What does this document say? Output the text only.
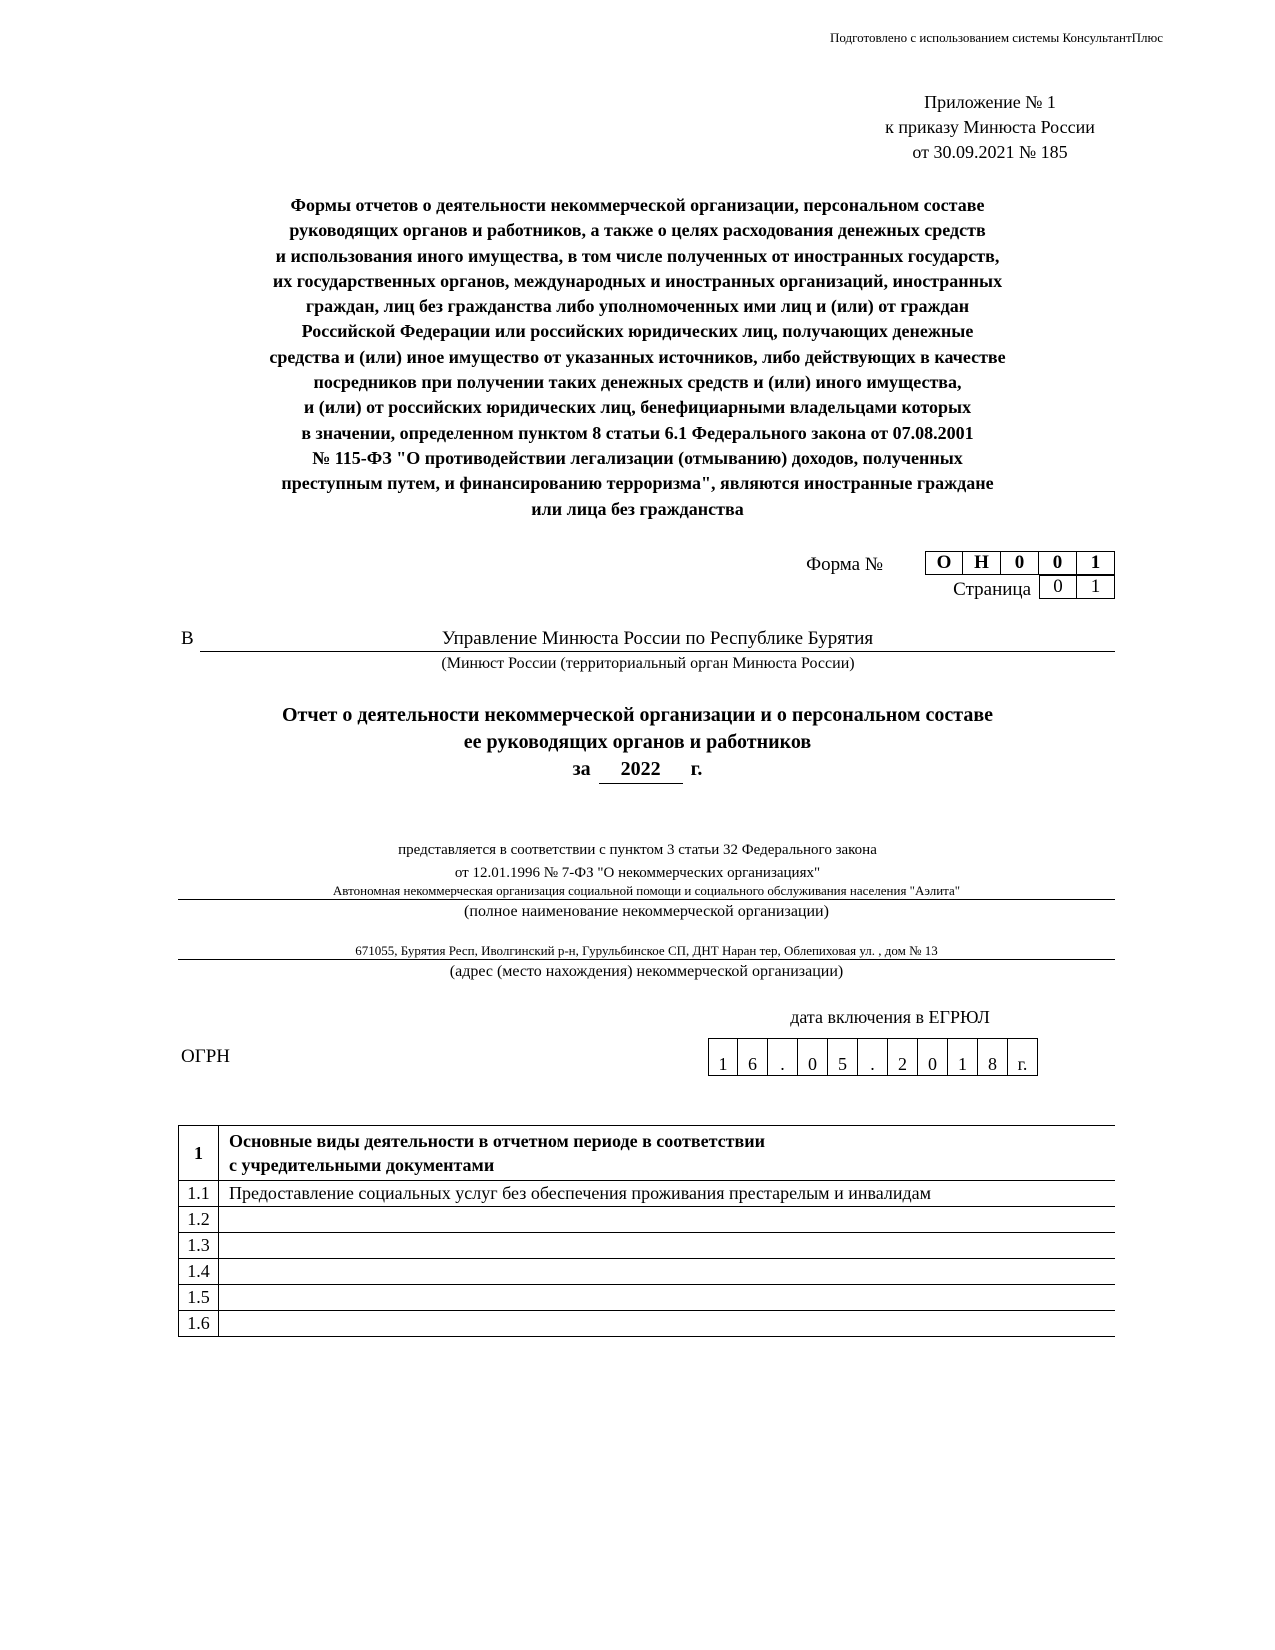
Подготовлено с использованием системы КонсультантПлюс
Приложение № 1
к приказу Минюста России
от 30.09.2021 № 185
Формы отчетов о деятельности некоммерческой организации, персональном составе
руководящих органов и работников, а также о целях расходования денежных средств
и использования иного имущества, в том числе полученных от иностранных государств,
их государственных органов, международных и иностранных организаций, иностранных
граждан, лиц без гражданства либо уполномоченных ими лиц и (или) от граждан
Российской Федерации или российских юридических лиц, получающих денежные
средства и (или) иное имущество от указанных источников, либо действующих в качестве
посредников при получении таких денежных средств и (или) иного имущества,
и (или) от российских юридических лиц, бенефициарными владельцами которых
в значении, определенном пунктом 8 статьи 6.1 Федерального закона от 07.08.2001
№ 115-ФЗ "О противодействии легализации (отмыванию) доходов, полученных
преступным путем, и финансированию терроризма", являются иностранные граждане
или лица без гражданства
Форма №	О	Н	0	0	1
Страница	0	1
В	Управление Минюста России по Республике Бурятия
(Минюст России (территориальный орган Минюста России)
Отчет о деятельности некоммерческой организации и о персональном составе
ее руководящих органов и работников
за 2022 г.
представляется в соответствии с пунктом 3 статьи 32 Федерального закона
от 12.01.1996 № 7-ФЗ "О некоммерческих организациях"
Автономная некоммерческая организация социальной помощи и социального обслуживания населения "Аэлита"
(полное наименование некоммерческой организации)
671055, Бурятия Респ, Иволгинский р-н, Гурульбинское СП, ДНТ Наран тер, Облепиховая ул. , дом № 13
(адрес (место нахождения) некоммерческой организации)
дата включения в ЕГРЮЛ
ОГРН	1	6	.	0	5	.	2	0	1	8	г.
1	Основные виды деятельности в отчетном периоде в соответствии
с учредительными документами

1.1	Предоставление социальных услуг без обеспечения проживания престарелым и инвалидам
1.2	
1.3	
1.4	
1.5	
1.6	
